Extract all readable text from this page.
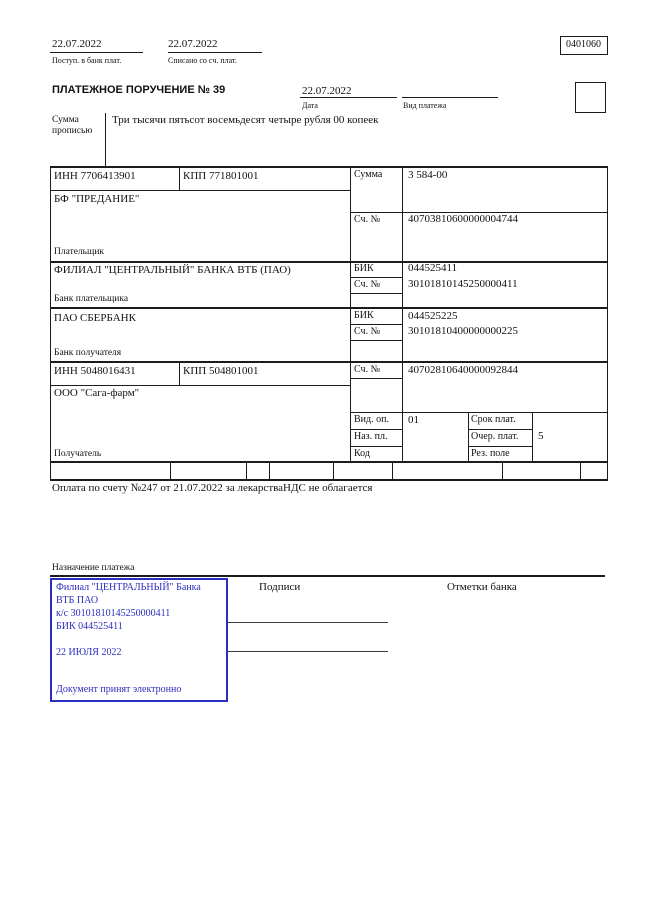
22.07.2022
Поступ. в банк плат.
22.07.2022
Списано со сч. плат.
0401060
ПЛАТЕЖНОЕ ПОРУЧЕНИЕ № 39	22.07.2022
Дата	Вид платежа
Сумма прописью
Три тысячи пятьсот восемьдесят четыре рубля 00 копеек
ИНН 7706413901	КПП 771801001	Сумма 3 584-00
БФ "ПРЕДАНИЕ"
Сч. №	40703810600000004744
Плательщик
ФИЛИАЛ "ЦЕНТРАЛЬНЫЙ" БАНКА ВТБ (ПАО)	БИК	044525411
Сч. №	30101810145250000411
Банк плательщика
ПАО СБЕРБАНК	БИК	044525225
Сч. №	30101810400000000225
Банк получателя
ИНН 5048016431	КПП 504801001	Сч. №	40702810640000092844
ООО "Сага-фарм"
Получатель
Вид. оп. 01	Срок плат.
Наз. пл.	Очер. плат. 5
Код	Рез. поле
Оплата по счету №247 от 21.07.2022 за лекарстваНДС не облагается
Назначение платежа
Подписи	Отметки банка
Филиал "ЦЕНТРАЛЬНЫЙ" Банка
ВТБ ПАО
к/с 30101810145250000411
БИК 044525411
22 ИЮЛЯ 2022
Документ принят электронно
